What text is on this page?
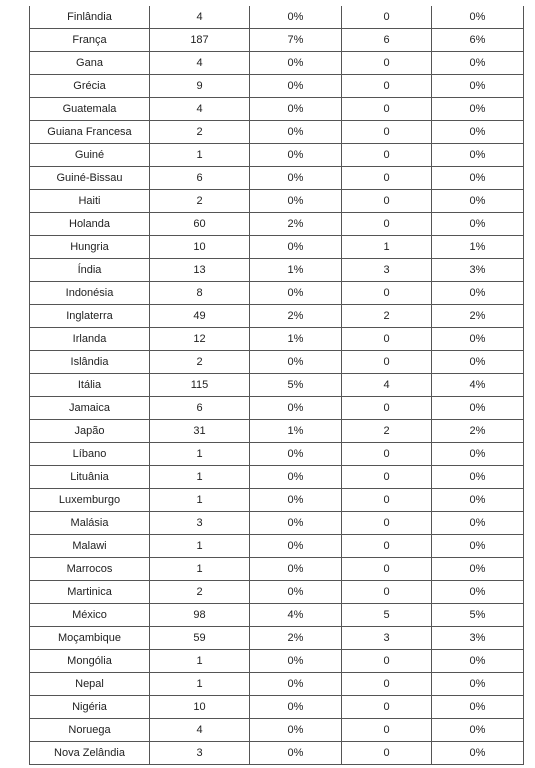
Finlândia	4	0%	0	0%
França	187	7%	6	6%
Gana	4	0%	0	0%
Grécia	9	0%	0	0%
Guatemala	4	0%	0	0%
Guiana Francesa	2	0%	0	0%
Guiné	1	0%	0	0%
Guiné-Bissau	6	0%	0	0%
Haiti	2	0%	0	0%
Holanda	60	2%	0	0%
Hungria	10	0%	1	1%
Índia	13	1%	3	3%
Indonésia	8	0%	0	0%
Inglaterra	49	2%	2	2%
Irlanda	12	1%	0	0%
Islândia	2	0%	0	0%
Itália	115	5%	4	4%
Jamaica	6	0%	0	0%
Japão	31	1%	2	2%
Líbano	1	0%	0	0%
Lituânia	1	0%	0	0%
Luxemburgo	1	0%	0	0%
Malásia	3	0%	0	0%
Malawi	1	0%	0	0%
Marrocos	1	0%	0	0%
Martinica	2	0%	0	0%
México	98	4%	5	5%
Moçambique	59	2%	3	3%
Mongólia	1	0%	0	0%
Nepal	1	0%	0	0%
Nigéria	10	0%	0	0%
Noruega	4	0%	0	0%
Nova Zelândia	3	0%	0	0%
